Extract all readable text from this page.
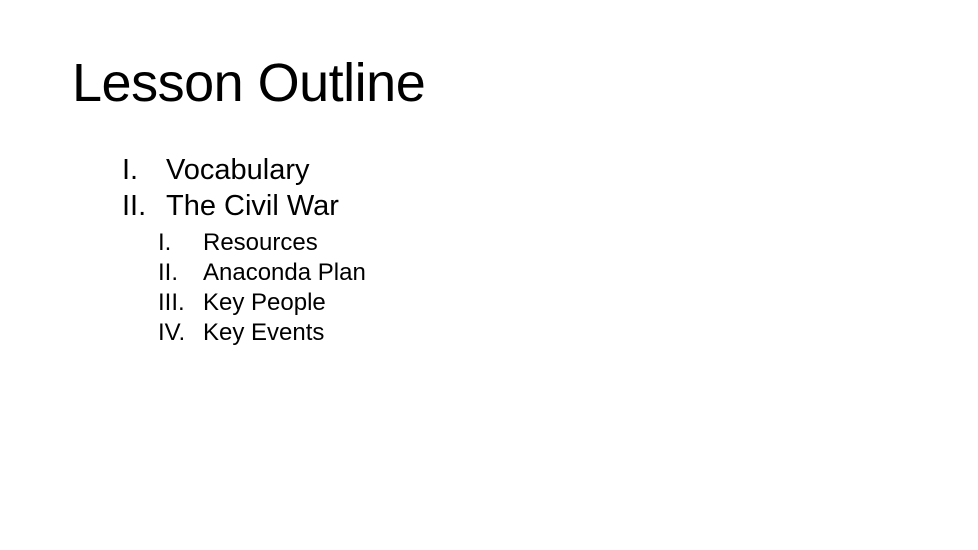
Lesson Outline
I. Vocabulary
II. The Civil War
I.	Resources
II.	Anaconda Plan
III. Key People
IV. Key Events
